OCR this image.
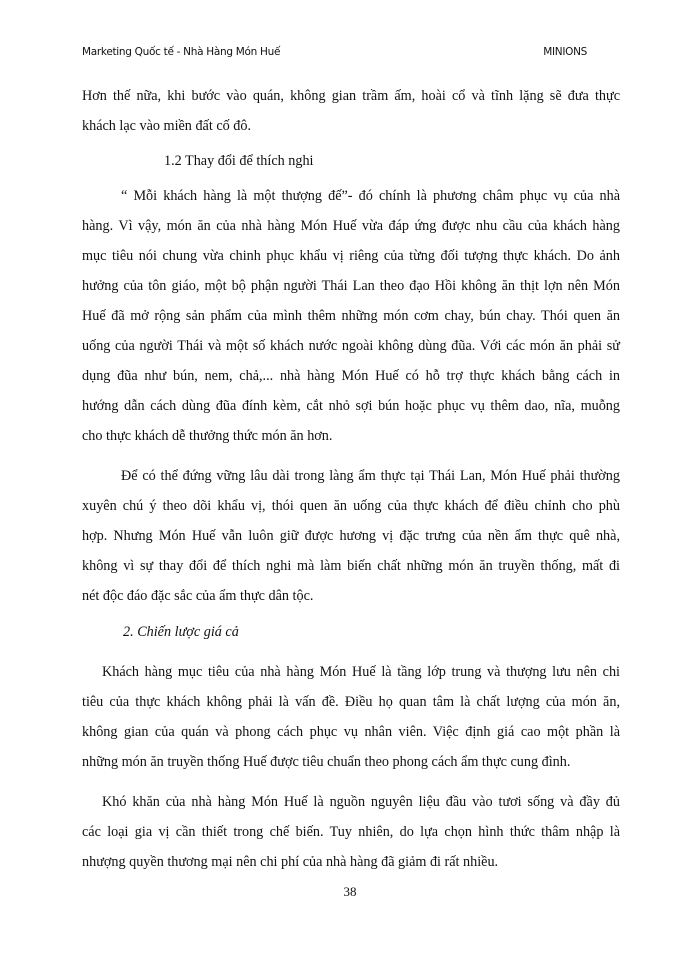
Marketing Quốc tế - Nhà Hàng Món Huế	MINIONS
Hơn thế nữa, khi bước vào quán, không gian trầm ấm, hoài cổ và tĩnh lặng sẽ đưa thực
khách lạc vào miền đất cố đô.
1.2 Thay đổi để thích nghi
“ Mỗi khách hàng là một thượng đế”- đó chính là phương châm phục vụ của nhà
hàng. Vì vậy, món ăn của nhà hàng Món Huế vừa đáp ứng được nhu cầu của khách hàng
mục tiêu nói chung vừa chinh phục khẩu vị riêng của từng đối tượng thực khách. Do ảnh
hưởng của tôn giáo, một bộ phận người Thái Lan theo đạo Hồi không ăn thịt lợn nên Món
Huế đã mở rộng sản phẩm của mình thêm những món cơm chay, bún chay. Thói quen ăn
uống của người Thái và một số khách nước ngoài không dùng đũa. Với các món ăn phải sử
dụng đũa như bún, nem, chả,... nhà hàng Món Huế có hỗ trợ thực khách bằng cách in
hướng dẫn cách dùng đũa đính kèm, cắt nhỏ sợi bún hoặc phục vụ thêm dao, nĩa, muỗng
cho thực khách dễ thưởng thức món ăn hơn.
Để có thể đứng vững lâu dài trong làng ẩm thực tại Thái Lan, Món Huế phải thường
xuyên chú ý theo dõi khẩu vị, thói quen ăn uống của thực khách để điều chỉnh cho phù
hợp. Nhưng Món Huế vẫn luôn giữ được hương vị đặc trưng của nền ẩm thực quê nhà,
không vì sự thay đổi để thích nghi mà làm biến chất những món ăn truyền thống, mất đi
nét độc đáo đặc sắc của ẩm thực dân tộc.
2. Chiến lược giá cả
Khách hàng mục tiêu của nhà hàng Món Huế là tầng lớp trung và thượng lưu nên chi
tiêu của thực khách không phải là vấn đề. Điều họ quan tâm là chất lượng của món ăn,
không gian của quán và phong cách phục vụ nhân viên. Việc định giá cao một phần là
những món ăn truyền thống Huế được tiêu chuẩn theo phong cách ẩm thực cung đình.
Khó khăn của nhà hàng Món Huế là nguồn nguyên liệu đầu vào tươi sống và đầy đủ
các loại gia vị cần thiết trong chế biến. Tuy nhiên, do lựa chọn hình thức thâm nhập là
nhượng quyền thương mại nên chi phí của nhà hàng đã giảm đi rất nhiều.
38
